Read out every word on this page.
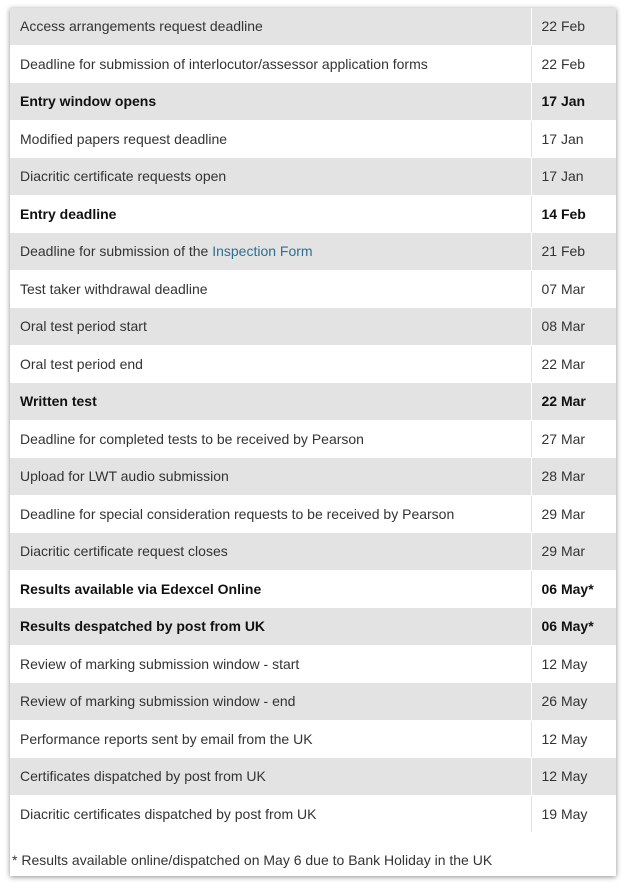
Access arrangements request deadline	22 Feb
Deadline for submission of interlocutor/assessor application forms	22 Feb
Entry window opens	17 Jan
Modified papers request deadline	17 Jan
Diacritic certificate requests open	17 Jan
Entry deadline	14 Feb
Deadline for submission of the Inspection Form	21 Feb
Test taker withdrawal deadline	07 Mar
Oral test period start	08 Mar
Oral test period end	22 Mar
Written test	22 Mar
Deadline for completed tests to be received by Pearson	27 Mar
Upload for LWT audio submission	28 Mar
Deadline for special consideration requests to be received by Pearson	29 Mar
Diacritic certificate request closes	29 Mar
Results available via Edexcel Online	06 May*
Results despatched by post from UK	06 May*
Review of marking submission window - start	12 May
Review of marking submission window - end	26 May
Performance reports sent by email from the UK	12 May
Certificates dispatched by post from UK	12 May
Diacritic certificates dispatched by post from UK	19 May
* Results available online/dispatched on May 6 due to Bank Holiday in the UK
